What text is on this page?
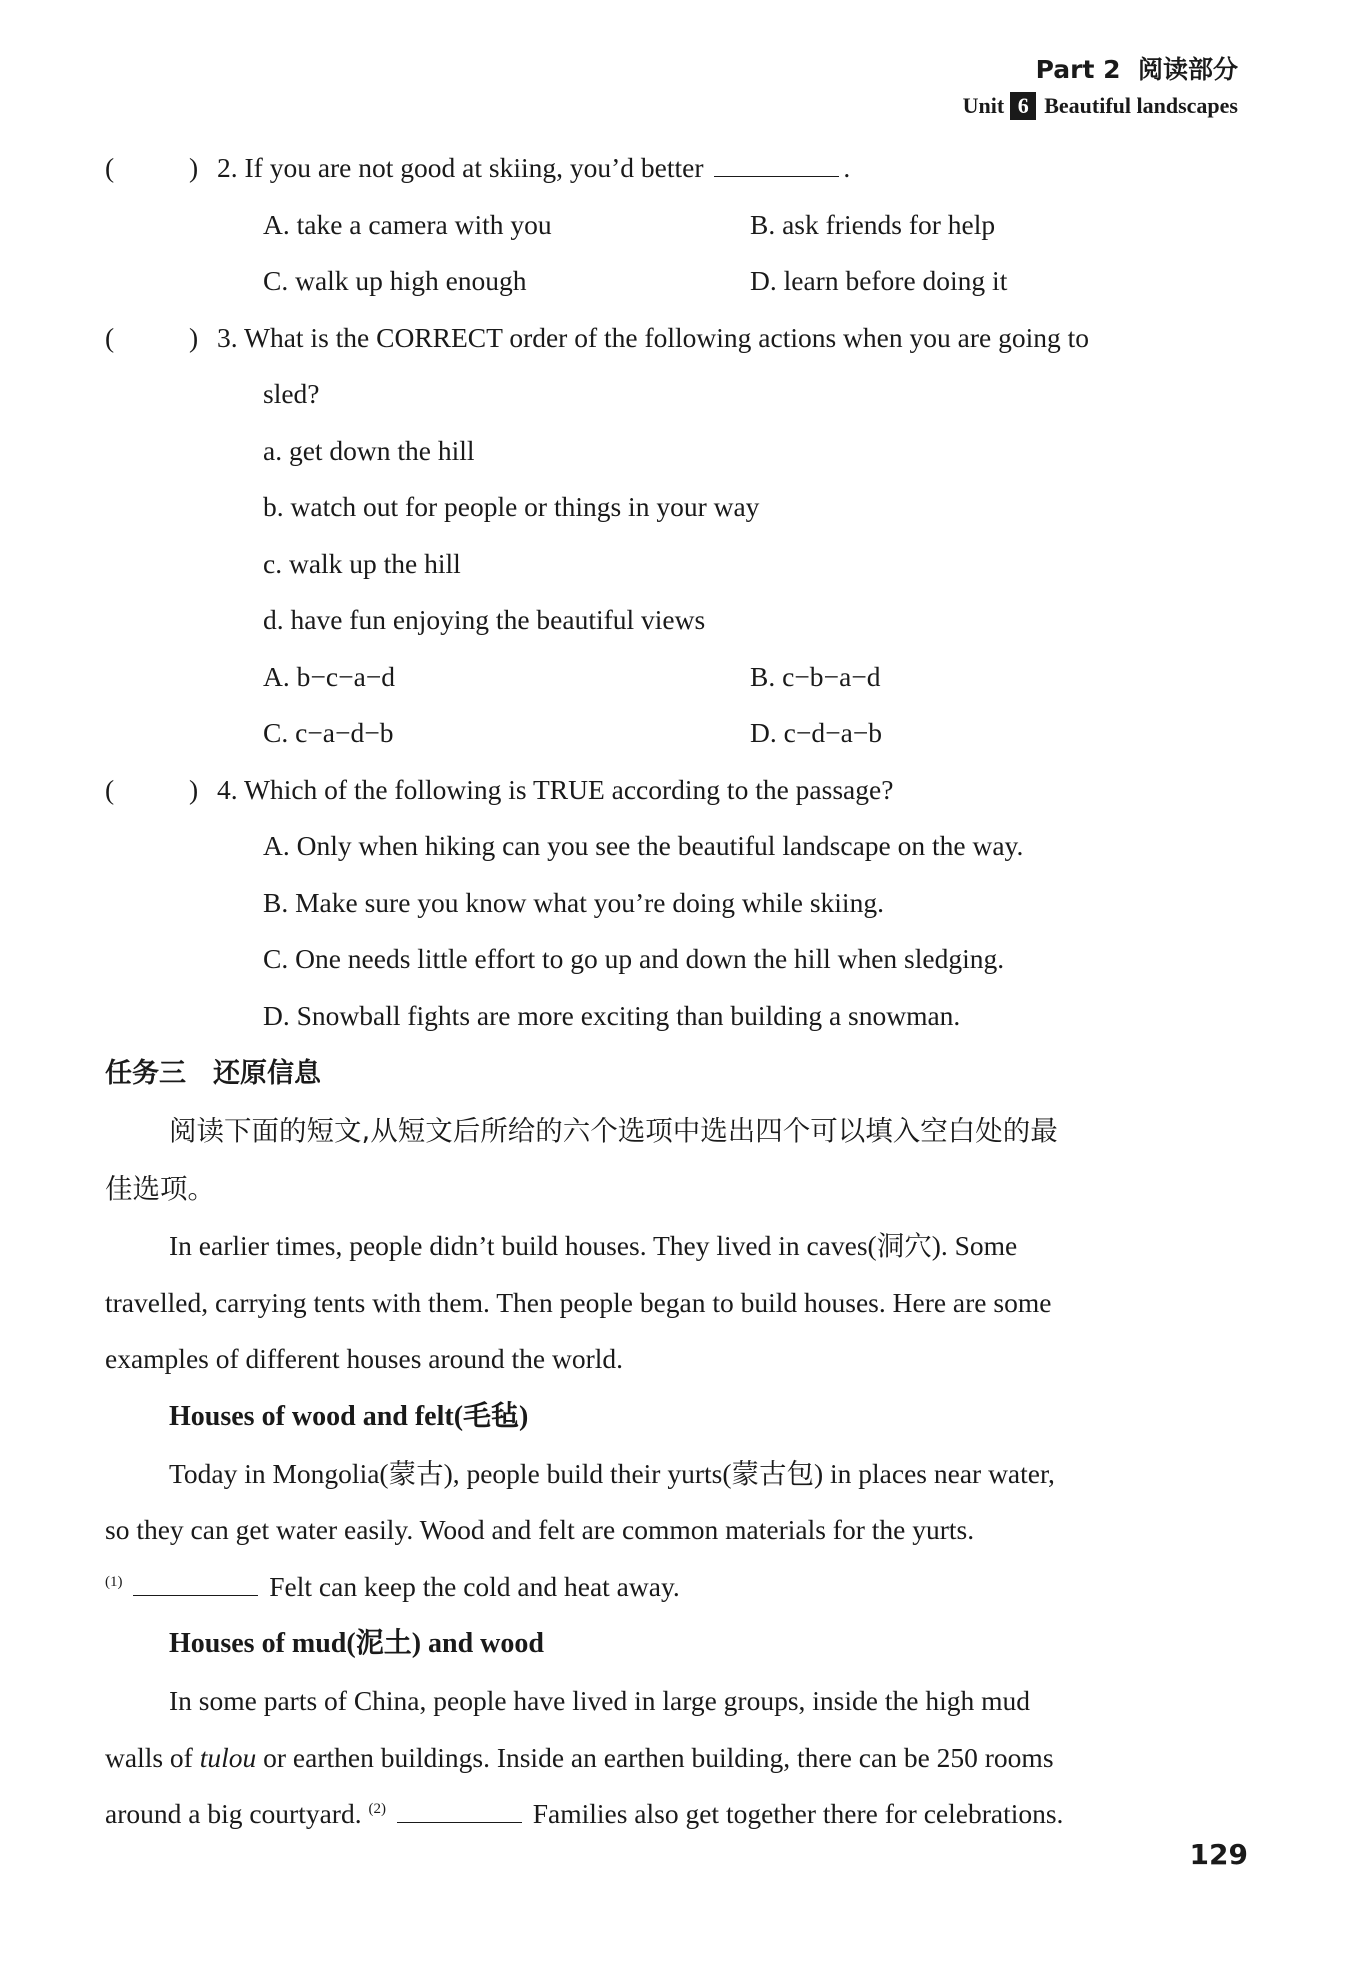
Part 2 阅读部分
Unit 6 Beautiful landscapes
(	) 2. If you are not good at skiing, you’d better	.
A. take a camera with you	B. ask friends for help
C. walk up high enough	D. learn before doing it
(	) 3. What is the CORRECT order of the following actions when you are going to
sled?
a. get down the hill
b. watch out for people or things in your way
c. walk up the hill
d. have fun enjoying the beautiful views
A. b−c−a−d	B. c−b−a−d
C. c−a−d−b	D. c−d−a−b
(	) 4. Which of the following is TRUE according to the passage?
A. Only when hiking can you see the beautiful landscape on the way.
B. Make sure you know what you’re doing while skiing.
C. One needs little effort to go up and down the hill when sledging.
D. Snowball fights are more exciting than building a snowman.
任务三　还原信息
阅读下面的短文,从短文后所给的六个选项中选出四个可以填入空白处的最
佳选项。
In earlier times, people didn’t build houses. They lived in caves(洞穴). Some
travelled, carrying tents with them. Then people began to build houses. Here are some
examples of different houses around the world.
Houses of wood and felt(毛毡)
Today in Mongolia(蒙古), people build their yurts(蒙古包) in places near water,
so they can get water easily. Wood and felt are common materials for the yurts.
$^{(1)}$	Felt can keep the cold and heat away.
Houses of mud(泥土) and wood
In some parts of China, people have lived in large groups, inside the high mud
walls of tulou or earthen buildings. Inside an earthen building, there can be 250 rooms
around a big courtyard. $^{(2)}$	Families also get together there for celebrations.
129
